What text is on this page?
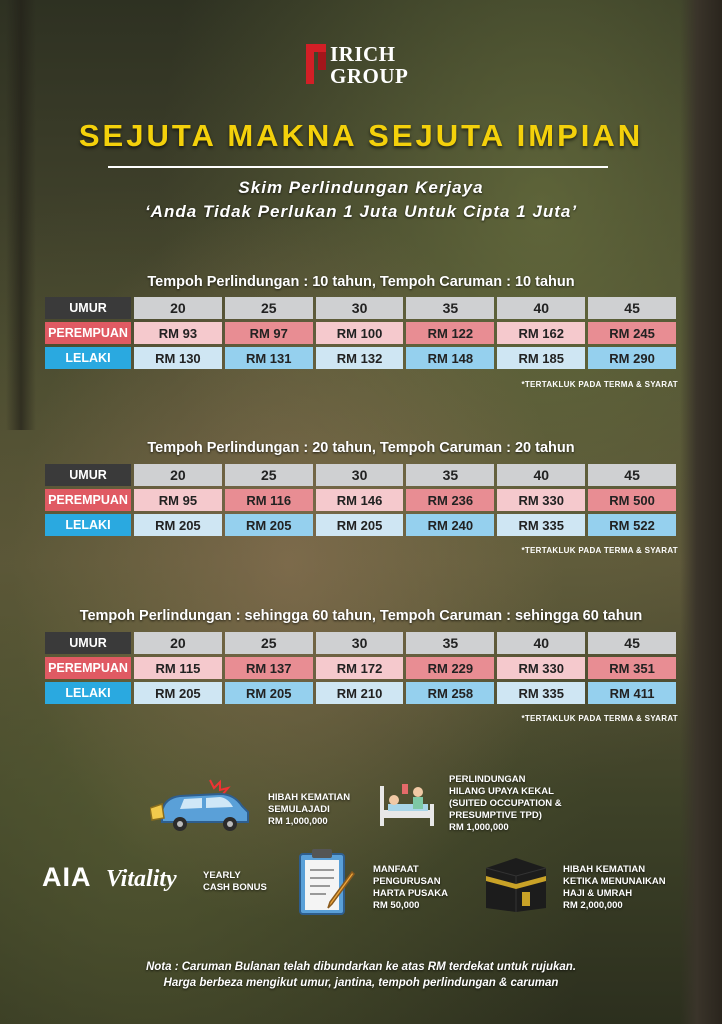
IRICH
GROUP
SEJUTA MAKNA SEJUTA IMPIAN
Skim Perlindungan Kerjaya
‘Anda Tidak Perlukan 1 Juta Untuk Cipta 1 Juta’
Tempoh Perlindungan : 10 tahun, Tempoh Caruman : 10 tahun
UMUR	20	25	30	35	40	45
PEREMPUAN	RM 93	RM 97	RM 100	RM 122	RM 162	RM 245
LELAKI	RM 130	RM 131	RM 132	RM 148	RM 185	RM 290
*TERTAKLUK PADA TERMA & SYARAT
Tempoh Perlindungan : 20 tahun, Tempoh Caruman : 20 tahun
UMUR	20	25	30	35	40	45
PEREMPUAN	RM 95	RM 116	RM 146	RM 236	RM 330	RM 500
LELAKI	RM 205	RM 205	RM 205	RM 240	RM 335	RM 522
*TERTAKLUK PADA TERMA & SYARAT
Tempoh Perlindungan : sehingga 60 tahun, Tempoh Caruman : sehingga 60 tahun
UMUR	20	25	30	35	40	45
PEREMPUAN	RM 115	RM 137	RM 172	RM 229	RM 330	RM 351
LELAKI	RM 205	RM 205	RM 210	RM 258	RM 335	RM 411
*TERTAKLUK PADA TERMA & SYARAT
HIBAH KEMATIAN
SEMULAJADI
RM 1,000,000
PERLINDUNGAN
HILANG UPAYA KEKAL
(SUITED OCCUPATION &
PRESUMPTIVE TPD)
RM 1,000,000
AIA Vitality	YEARLY
CASH BONUS
MANFAAT
PENGURUSAN
HARTA PUSAKA
RM 50,000
HIBAH KEMATIAN
KETIKA MENUNAIKAN
HAJI & UMRAH
RM 2,000,000
Nota : Caruman Bulanan telah dibundarkan ke atas RM terdekat untuk rujukan.
Harga berbeza mengikut umur, jantina, tempoh perlindungan & caruman
